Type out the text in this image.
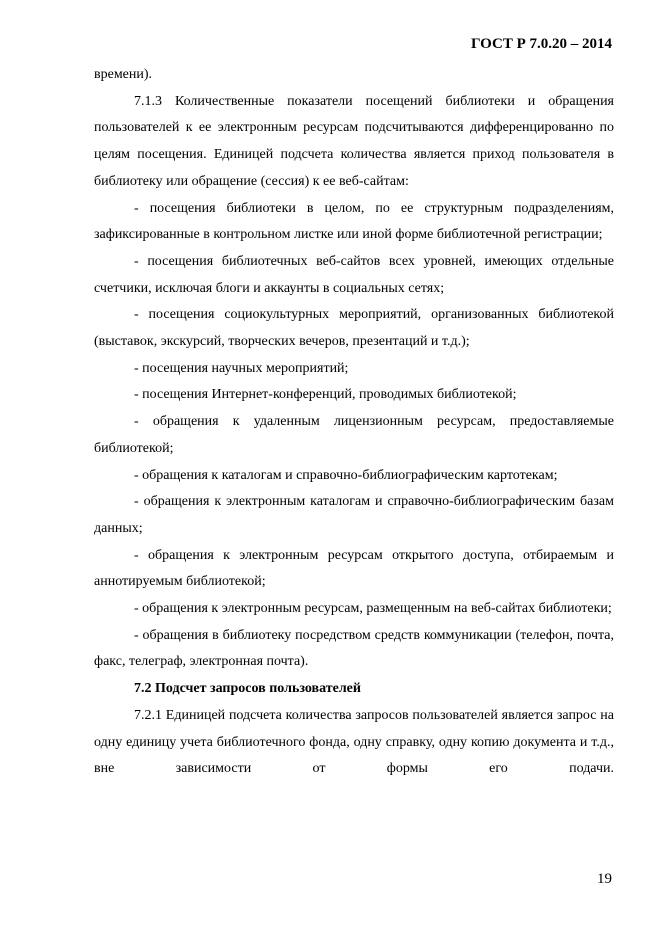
ГОСТ Р 7.0.20 – 2014

времени).

7.1.3 Количественные показатели посещений библиотеки и обращения пользователей к ее электронным ресурсам подсчитываются дифференцированно по целям посещения. Единицей подсчета количества является приход пользователя в библиотеку или обращение (сессия) к ее веб-сайтам:

- посещения библиотеки в целом, по ее структурным подразделениям, зафиксированные в контрольном листке или иной форме библиотечной регистрации;

- посещения библиотечных веб-сайтов всех уровней, имеющих отдельные счетчики, исключая блоги и аккаунты в социальных сетях;

- посещения социокультурных мероприятий, организованных библиотекой (выставок, экскурсий, творческих вечеров, презентаций и т.д.);

- посещения научных мероприятий;

- посещения Интернет-конференций, проводимых библиотекой;

- обращения к удаленным лицензионным ресурсам, предоставляемые библиотекой;

- обращения к каталогам и справочно-библиографическим картотекам;

- обращения к электронным каталогам и справочно-библиографическим базам данных;

- обращения к электронным ресурсам открытого доступа, отбираемым и аннотируемым библиотекой;

- обращения к электронным ресурсам, размещенным на веб-сайтах библиотеки;

- обращения в библиотеку посредством средств коммуникации (телефон, почта, факс, телеграф, электронная почта).

7.2 Подсчет запросов пользователей

7.2.1 Единицей подсчета количества запросов пользователей является запрос на одну единицу учета библиотечного фонда, одну справку, одну копию документа и т.д., вне зависимости от формы его подачи.

19
